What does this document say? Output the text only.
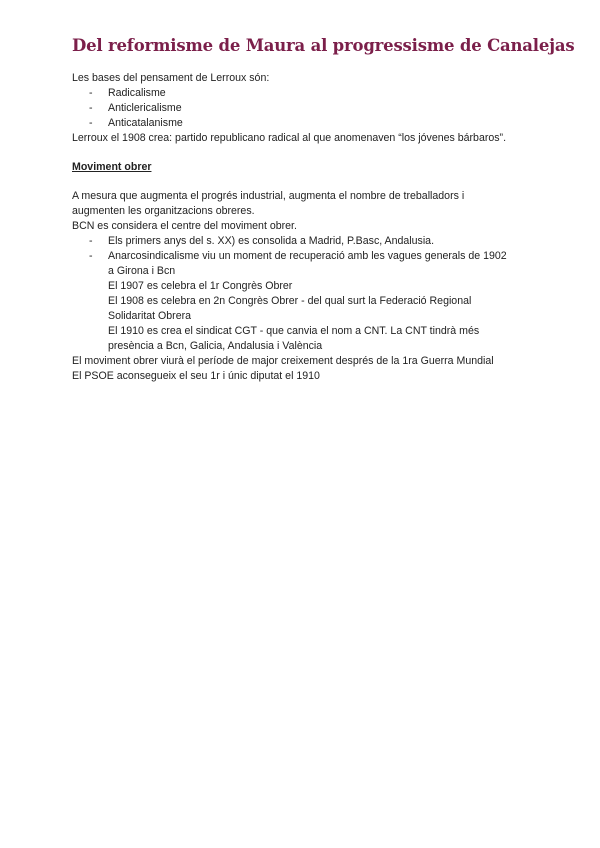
Del reformisme de Maura al progressisme de Canalejas
Les bases del pensament de Lerroux són:
- Radicalisme
- Anticlericalisme
- Anticatalanisme
Lerroux el 1908 crea: partido republicano radical al que anomenaven “los jóvenes bárbaros”.
Moviment obrer
A mesura que augmenta el progrés industrial, augmenta el nombre de treballadors i
augmenten les organitzacions obreres.
BCN es considera el centre del moviment obrer.
- Els primers anys del s. XX) es consolida a Madrid, P.Basc, Andalusia.
- Anarcosindicalisme viu un moment de recuperació amb les vagues generals de 1902
a Girona i Bcn
El 1907 es celebra el 1r Congrès Obrer
El 1908 es celebra en 2n Congrès Obrer - del qual surt la Federació Regional
Solidaritat Obrera
El 1910 es crea el sindicat CGT - que canvia el nom a CNT. La CNT tindrà més
presència a Bcn, Galicia, Andalusia i València
El moviment obrer viurà el període de major creixement després de la 1ra Guerra Mundial
El PSOE aconsegueix el seu 1r i únic diputat el 1910
